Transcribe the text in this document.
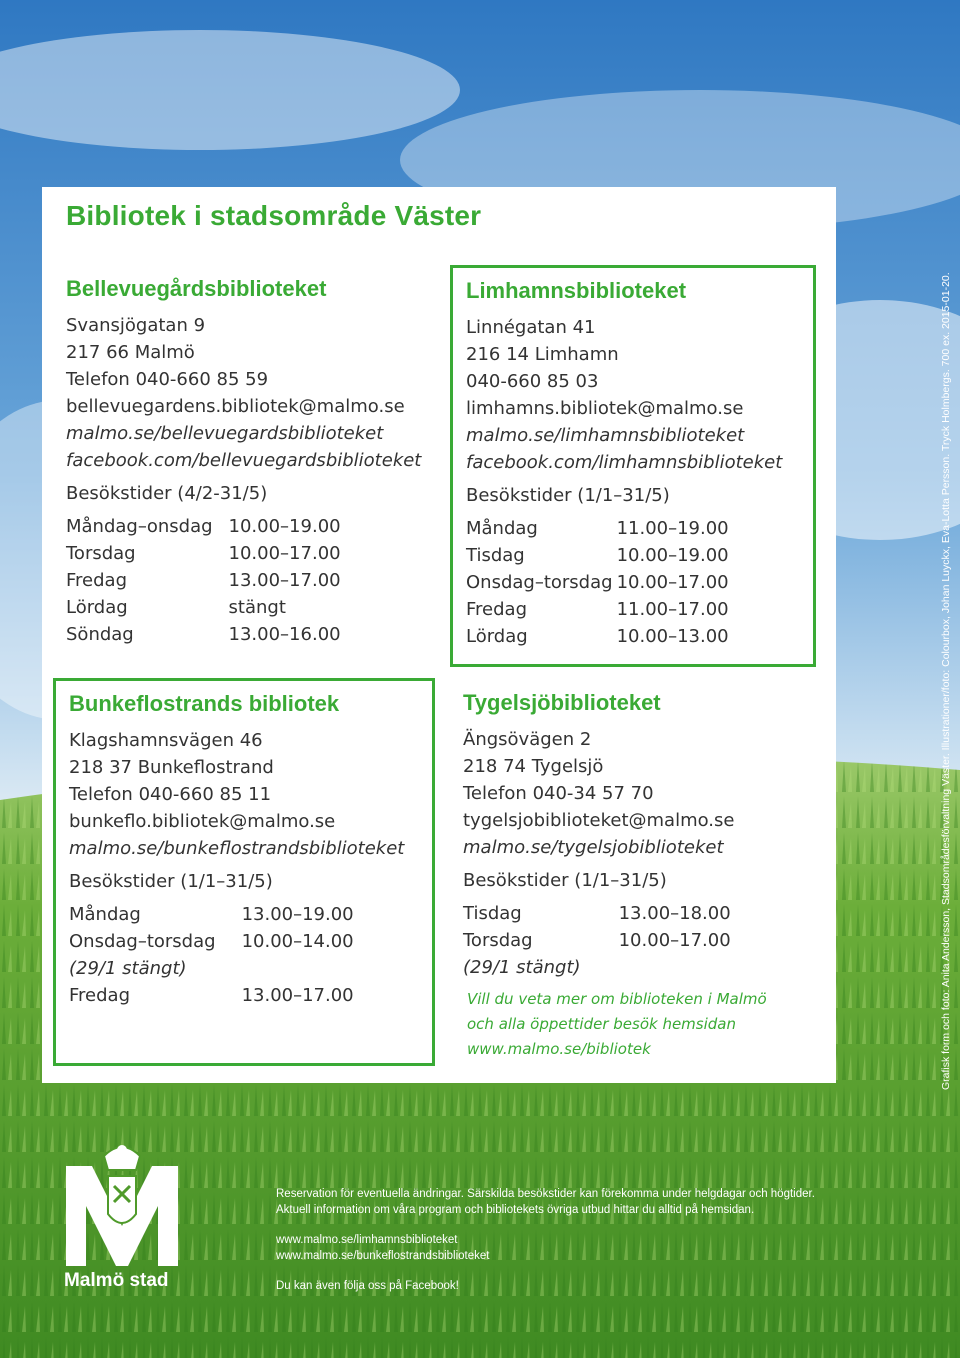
Bibliotek i stadsområde Väster
Bellevuegårdsbiblioteket
Svansjögatan 9
217 66 Malmö
Telefon 040-660 85 59
bellevuegardens.bibliotek@malmo.se
malmo.se/bellevuegardsbiblioteket
facebook.com/bellevuegardsbiblioteket
Besökstider (4/2-31/5)
Måndag–onsdag	10.00–19.00
Torsdag	10.00–17.00
Fredag	13.00–17.00
Lördag	stängt
Söndag	13.00–16.00
Limhamnsbiblioteket
Linnégatan 41
216 14 Limhamn
040-660 85 03
limhamns.bibliotek@malmo.se
malmo.se/limhamnsbiblioteket
facebook.com/limhamnsbiblioteket
Besökstider (1/1–31/5)
Måndag	11.00–19.00
Tisdag	10.00–19.00
Onsdag–torsdag	10.00–17.00
Fredag	11.00–17.00
Lördag	10.00–13.00
Bunkeflostrands bibliotek
Klagshamnsvägen 46
218 37 Bunkeflostrand
Telefon 040-660 85 11
bunkeflo.bibliotek@malmo.se
malmo.se/bunkeflostrandsbiblioteket
Besökstider (1/1–31/5)
Måndag	13.00–19.00
Onsdag–torsdag	10.00–14.00
(29/1 stängt)	
Fredag	13.00–17.00
Tygelsjöbiblioteket
Ängsövägen 2
218 74 Tygelsjö
Telefon 040-34 57 70
tygelsjobiblioteket@malmo.se
malmo.se/tygelsjobiblioteket
Besökstider (1/1–31/5)
Tisdag	13.00–18.00
Torsdag	10.00–17.00
(29/1 stängt)	
Vill du veta mer om biblioteken i Malmö
och alla öppettider besök hemsidan
www.malmo.se/bibliotek	Grafisk form och foto: Anita Andersson, Stadsområdesförvaltning Väster. Illustrationer/foto: Colourbox, Johan Luyckx, Eva-Lotta Persson. Tryck Holmbergs. 700 ex. 2015-01-20.
Malmö stad
Reservation för eventuella ändringar. Särskilda besökstider kan förekomma under helgdagar och högtider.
Aktuell information om våra program och bibliotekets övriga utbud hittar du alltid på hemsidan.
www.malmo.se/limhamnsbiblioteket
www.malmo.se/bunkeflostrandsbiblioteket
Du kan även följa oss på Facebook!
